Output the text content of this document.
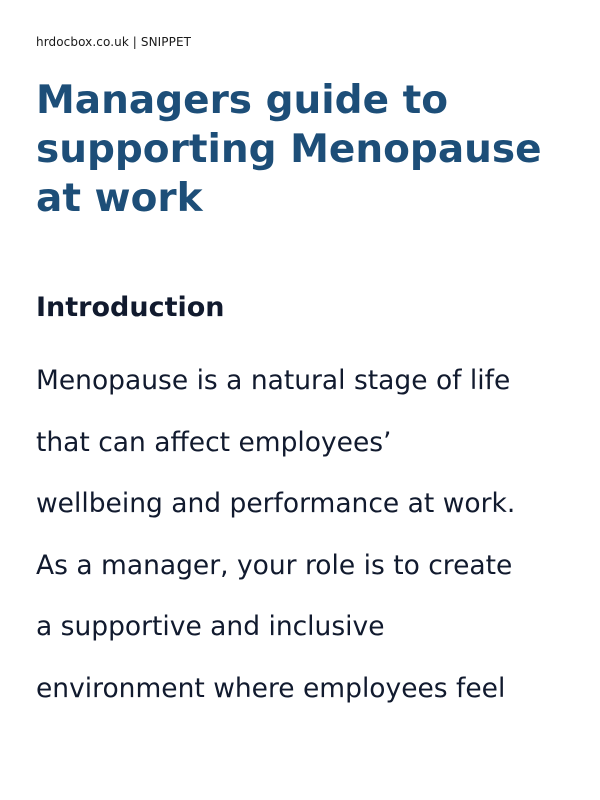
hrdocbox.co.uk | SNIPPET
Managers guide to supporting Menopause at work
Introduction

Menopause is a natural stage of life
that can affect employees’
wellbeing and performance at work.
As a manager, your role is to create
a supportive and inclusive
environment where employees feel
